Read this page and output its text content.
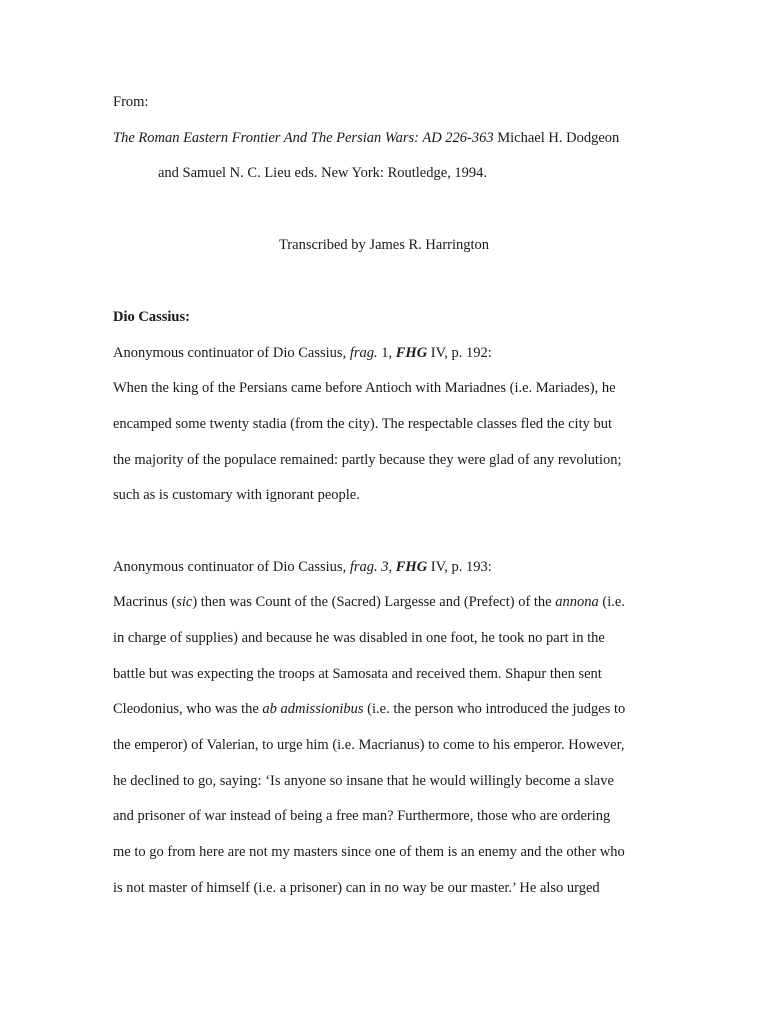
From:
The Roman Eastern Frontier And The Persian Wars: AD 226-363 Michael H. Dodgeon
and Samuel N. C. Lieu eds. New York: Routledge, 1994.
Transcribed by James R. Harrington
Dio Cassius:
Anonymous continuator of Dio Cassius, frag. 1, FHG IV, p. 192:
When the king of the Persians came before Antioch with Mariadnes (i.e. Mariades), he
encamped some twenty stadia (from the city). The respectable classes fled the city but
the majority of the populace remained: partly because they were glad of any revolution;
such as is customary with ignorant people.
Anonymous continuator of Dio Cassius, frag. 3, FHG IV, p. 193:
Macrinus (sic) then was Count of the (Sacred) Largesse and (Prefect) of the annona (i.e.
in charge of supplies) and because he was disabled in one foot, he took no part in the
battle but was expecting the troops at Samosata and received them. Shapur then sent
Cleodonius, who was the ab admissionibus (i.e. the person who introduced the judges to
the emperor) of Valerian, to urge him (i.e. Macrianus) to come to his emperor. However,
he declined to go, saying: ‘Is anyone so insane that he would willingly become a slave
and prisoner of war instead of being a free man? Furthermore, those who are ordering
me to go from here are not my masters since one of them is an enemy and the other who
is not master of himself (i.e. a prisoner) can in no way be our master.’ He also urged
